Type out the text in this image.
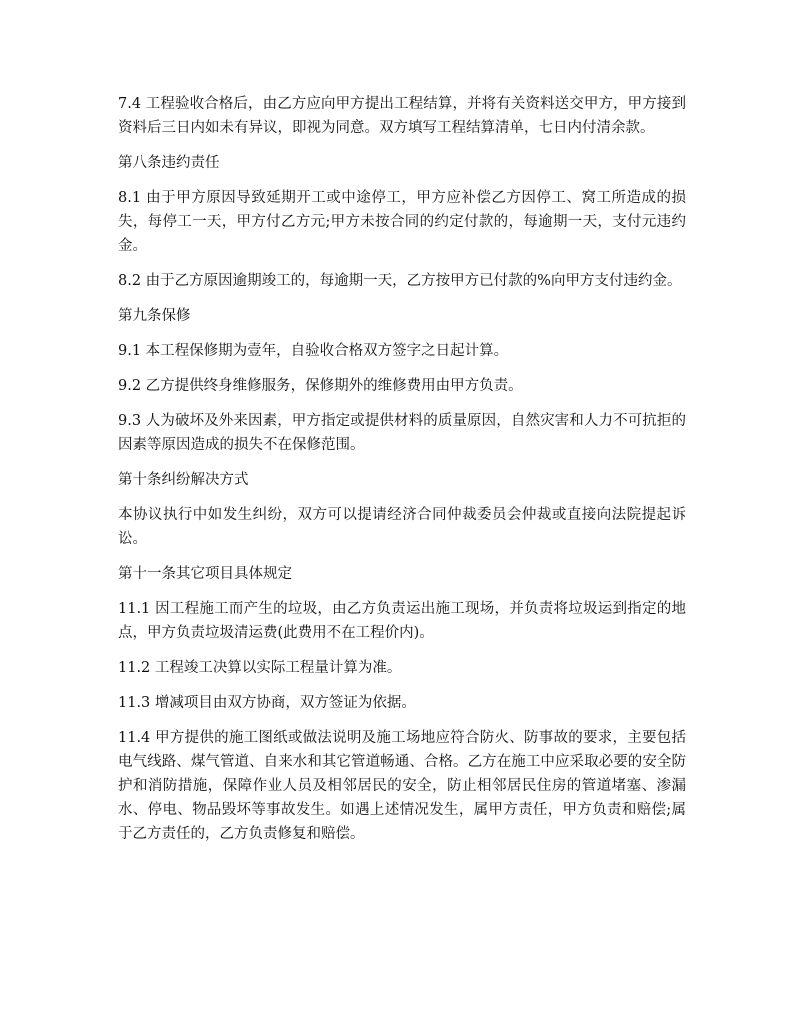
7.4 工程验收合格后，由乙方应向甲方提出工程结算，并将有关资料送交甲方，甲方接到资料后三日内如未有异议，即视为同意。双方填写工程结算清单，七日内付清余款。

第八条违约责任

8.1 由于甲方原因导致延期开工或中途停工，甲方应补偿乙方因停工、窝工所造成的损失，每停工一天，甲方付乙方元;甲方未按合同的约定付款的，每逾期一天，支付元违约金。

8.2 由于乙方原因逾期竣工的，每逾期一天，乙方按甲方已付款的%向甲方支付违约金。

第九条保修

9.1 本工程保修期为壹年，自验收合格双方签字之日起计算。

9.2 乙方提供终身维修服务，保修期外的维修费用由甲方负责。

9.3 人为破坏及外来因素，甲方指定或提供材料的质量原因，自然灾害和人力不可抗拒的因素等原因造成的损失不在保修范围。

第十条纠纷解决方式

本协议执行中如发生纠纷，双方可以提请经济合同仲裁委员会仲裁或直接向法院提起诉讼。

第十一条其它项目具体规定

11.1 因工程施工而产生的垃圾，由乙方负责运出施工现场，并负责将垃圾运到指定的地点，甲方负责垃圾清运费(此费用不在工程价内)。

11.2 工程竣工决算以实际工程量计算为准。

11.3 增减项目由双方协商，双方签证为依据。

11.4 甲方提供的施工图纸或做法说明及施工场地应符合防火、防事故的要求，主要包括电气线路、煤气管道、自来水和其它管道畅通、合格。乙方在施工中应采取必要的安全防护和消防措施，保障作业人员及相邻居民的安全，防止相邻居民住房的管道堵塞、渗漏水、停电、物品毁坏等事故发生。如遇上述情况发生，属甲方责任，甲方负责和赔偿;属于乙方责任的，乙方负责修复和赔偿。
